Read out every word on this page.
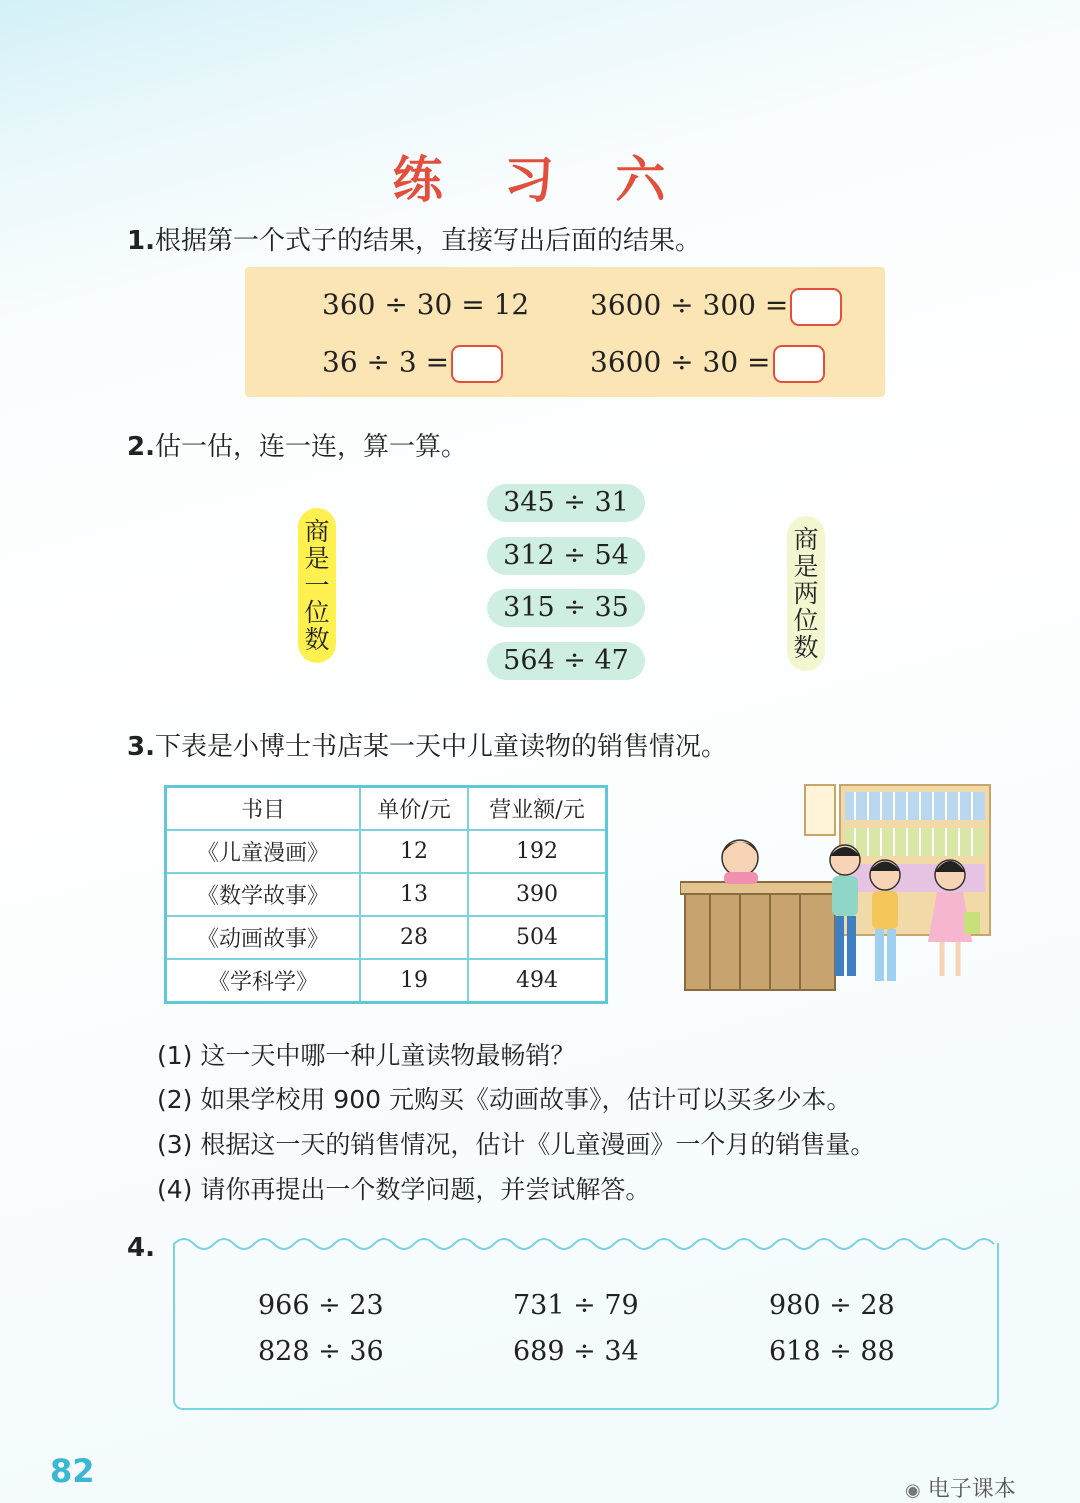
练 习 六
1.根据第一个式子的结果，直接写出后面的结果。
360 ÷ 30 = 12 3600 ÷ 300 =
36 ÷ 3 =	3600 ÷ 30 =
2.估一估，连一连，算一算。
商是一位数
商是两位数
345 ÷ 31
312 ÷ 54
315 ÷ 35
564 ÷ 47
3.下表是小博士书店某一天中儿童读物的销售情况。
书目	单价/元	营业额/元
《儿童漫画》	12	192
《数学故事》	13	390
《动画故事》	28	504
《学科学》	19	494
(1) 这一天中哪一种儿童读物最畅销？
(2) 如果学校用 900 元购买《动画故事》，估计可以买多少本。
(3) 根据这一天的销售情况，估计《儿童漫画》一个月的销售量。
(4) 请你再提出一个数学问题，并尝试解答。
4.
966 ÷ 23	731 ÷ 79	980 ÷ 28
828 ÷ 36	689 ÷ 34	618 ÷ 88
82
◉ 电子课本
